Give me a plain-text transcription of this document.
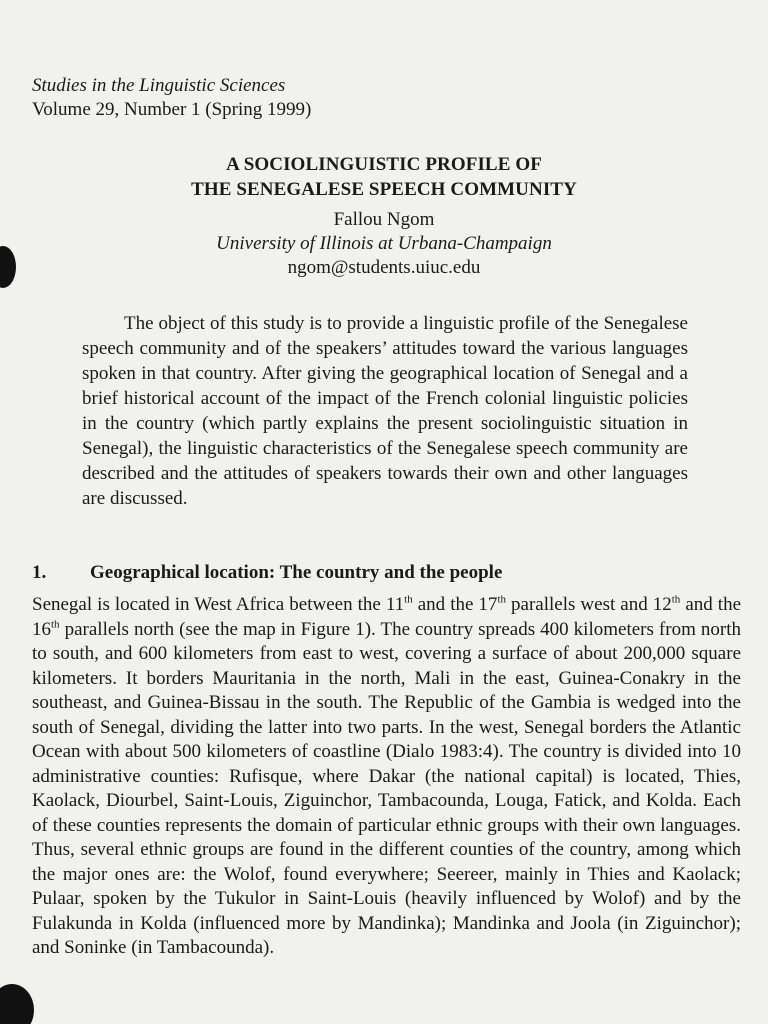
Studies in the Linguistic Sciences
Volume 29, Number 1 (Spring 1999)
A SOCIOLINGUISTIC PROFILE OF
THE SENEGALESE SPEECH COMMUNITY
Fallou Ngom
University of Illinois at Urbana-Champaign
ngom@students.uiuc.edu

The object of this study is to provide a linguistic profile of the Senegalese speech community and of the speakers’ attitudes toward the various languages spoken in that country. After giving the geographical location of Senegal and a brief historical account of the impact of the French colonial linguistic policies in the country (which partly explains the present sociolinguistic situation in Senegal), the linguistic characteristics of the Senegalese speech community are described and the attitudes of speakers towards their own and other languages are discussed.

1. Geographical location: The country and the people

Senegal is located in West Africa between the 11th and the 17th parallels west and 12th and the 16th parallels north (see the map in Figure 1). The country spreads 400 kilometers from north to south, and 600 kilometers from east to west, covering a surface of about 200,000 square kilometers. It borders Mauritania in the north, Mali in the east, Guinea-Conakry in the southeast, and Guinea-Bissau in the south. The Republic of the Gambia is wedged into the south of Senegal, dividing the latter into two parts. In the west, Senegal borders the Atlantic Ocean with about 500 kilometers of coastline (Dialo 1983:4). The country is divided into 10 administrative counties: Rufisque, where Dakar (the national capital) is located, Thies, Kaolack, Diourbel, Saint-Louis, Ziguinchor, Tambacounda, Louga, Fatick, and Kolda. Each of these counties represents the domain of particular ethnic groups with their own languages. Thus, several ethnic groups are found in the different counties of the country, among which the major ones are: the Wolof, found everywhere; Seereer, mainly in Thies and Kaolack; Pulaar, spoken by the Tukulor in Saint-Louis (heavily influenced by Wolof) and by the Fulakunda in Kolda (influenced more by Mandinka); Mandinka and Joola (in Ziguinchor); and Soninke (in Tambacounda).
